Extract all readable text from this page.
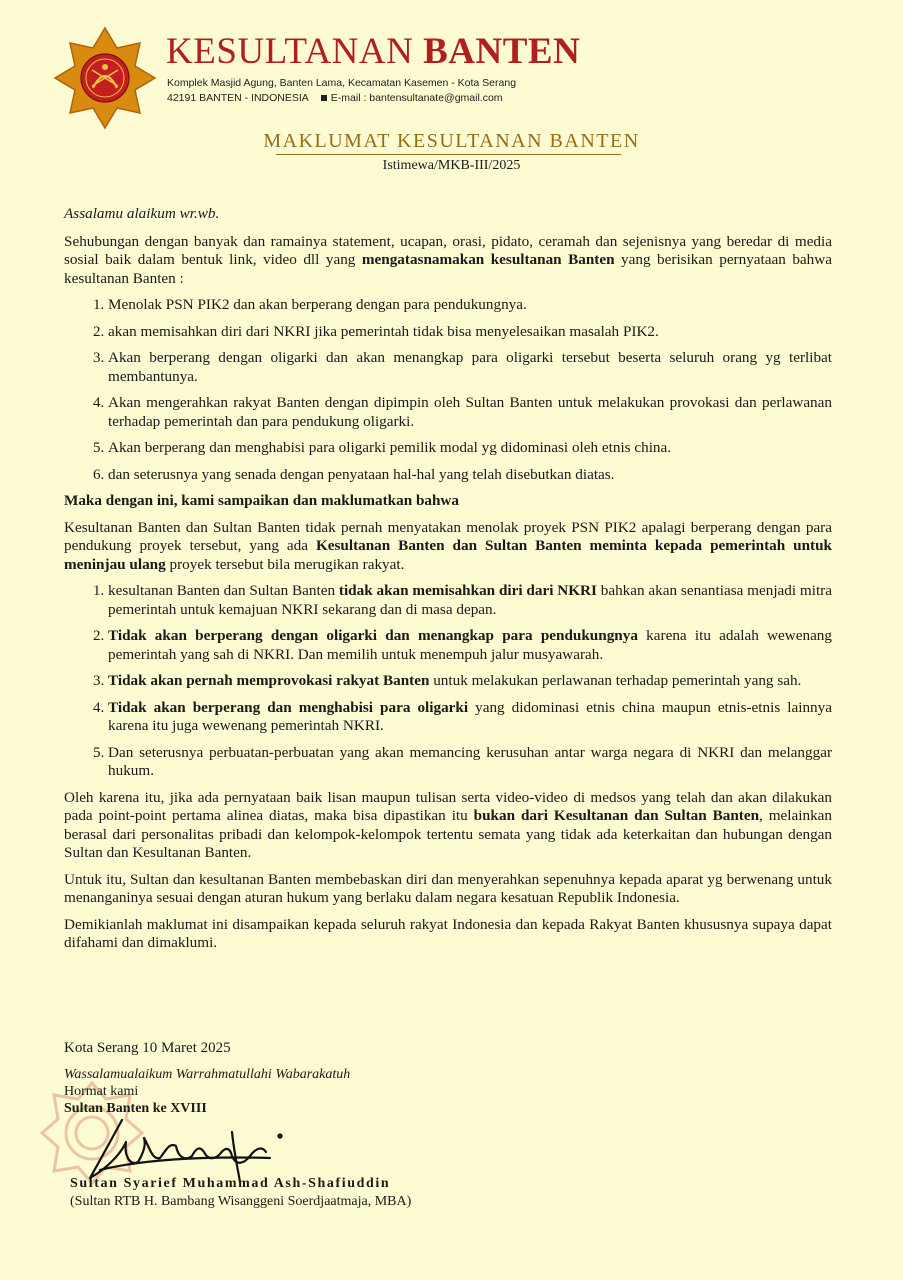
KESULTANAN BANTEN
Komplek Masjid Agung, Banten Lama, Kecamatan Kasemen - Kota Serang
42191 BANTEN - INDONESIA E-mail : bantensultanate@gmail.com
MAKLUMAT KESULTANAN BANTEN
Istimewa/MKB-III/2025

Assalamu alaikum wr.wb.

Sehubungan dengan banyak dan ramainya statement, ucapan, orasi, pidato, ceramah dan sejenisnya yang beredar di media sosial baik dalam bentuk link, video dll yang mengatasnamakan kesultanan Banten yang berisikan pernyataan bahwa kesultanan Banten :

1. Menolak PSN PIK2 dan akan berperang dengan para pendukungnya.
2. akan memisahkan diri dari NKRI jika pemerintah tidak bisa menyelesaikan masalah PIK2.
3. Akan berperang dengan oligarki dan akan menangkap para oligarki tersebut beserta seluruh orang yg terlibat membantunya.
4. Akan mengerahkan rakyat Banten dengan dipimpin oleh Sultan Banten untuk melakukan provokasi dan perlawanan terhadap pemerintah dan para pendukung oligarki.
5. Akan berperang dan menghabisi para oligarki pemilik modal yg didominasi oleh etnis china.
6. dan seterusnya yang senada dengan penyataan hal-hal yang telah disebutkan diatas.

Maka dengan ini, kami sampaikan dan maklumatkan bahwa

Kesultanan Banten dan Sultan Banten tidak pernah menyatakan menolak proyek PSN PIK2 apalagi berperang dengan para pendukung proyek tersebut, yang ada Kesultanan Banten dan Sultan Banten meminta kepada pemerintah untuk meninjau ulang proyek tersebut bila merugikan rakyat.

1. kesultanan Banten dan Sultan Banten tidak akan memisahkan diri dari NKRI bahkan akan senantiasa menjadi mitra pemerintah untuk kemajuan NKRI sekarang dan di masa depan.
2. Tidak akan berperang dengan oligarki dan menangkap para pendukungnya karena itu adalah wewenang pemerintah yang sah di NKRI. Dan memilih untuk menempuh jalur musyawarah.
3. Tidak akan pernah memprovokasi rakyat Banten untuk melakukan perlawanan terhadap pemerintah yang sah.
4. Tidak akan berperang dan menghabisi para oligarki yang didominasi etnis china maupun etnis-etnis lainnya karena itu juga wewenang pemerintah NKRI.
5. Dan seterusnya perbuatan-perbuatan yang akan memancing kerusuhan antar warga negara di NKRI dan melanggar hukum.

Oleh karena itu, jika ada pernyataan baik lisan maupun tulisan serta video-video di medsos yang telah dan akan dilakukan pada point-point pertama alinea diatas, maka bisa dipastikan itu bukan dari Kesultanan dan Sultan Banten, melainkan berasal dari personalitas pribadi dan kelompok-kelompok tertentu semata yang tidak ada keterkaitan dan hubungan dengan Sultan dan Kesultanan Banten.

Untuk itu, Sultan dan kesultanan Banten membebaskan diri dan menyerahkan sepenuhnya kepada aparat yg berwenang untuk menanganinya sesuai dengan aturan hukum yang berlaku dalam negara kesatuan Republik Indonesia.

Demikianlah maklumat ini disampaikan kepada seluruh rakyat Indonesia dan kepada Rakyat Banten khususnya supaya dapat difahami dan dimaklumi.

Kota Serang 10 Maret 2025
Wassalamualaikum Warrahmatullahi Wabarakatuh
Hormat kami
Sultan Banten ke XVIII
Sultan Syarief Muhammad Ash-Shafiuddin
(Sultan RTB H. Bambang Wisanggeni Soerdjaatmaja, MBA)
